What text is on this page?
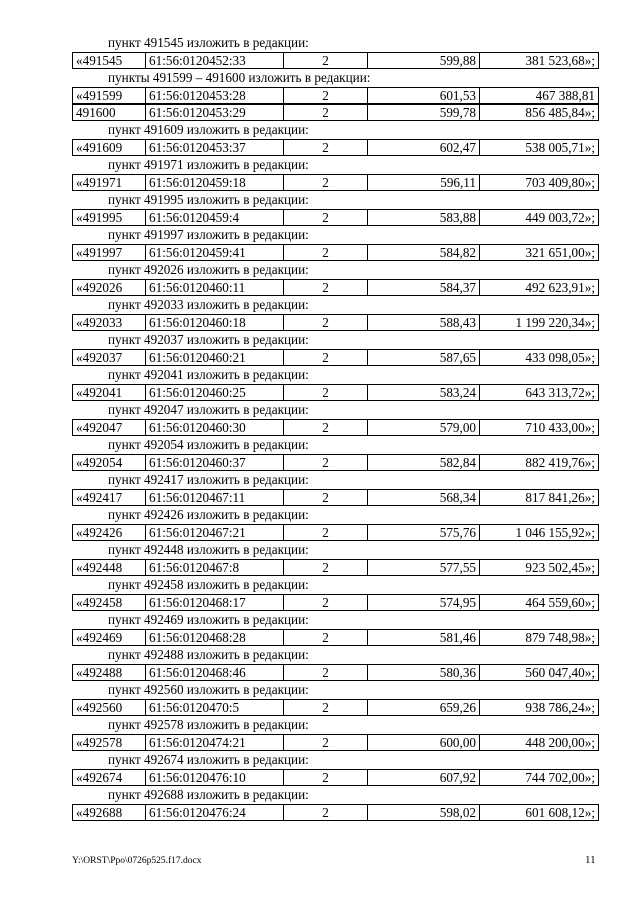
пункт 491545 изложить в редакции:
«491545	61:56:0120452:33	2	599,88	381 523,68»;
пункты 491599 – 491600 изложить в редакции:
«491599	61:56:0120453:28	2	601,53	467 388,81
491600	61:56:0120453:29	2	599,78	856 485,84»;
пункт 491609 изложить в редакции:
«491609	61:56:0120453:37	2	602,47	538 005,71»;
пункт 491971 изложить в редакции:
«491971	61:56:0120459:18	2	596,11	703 409,80»;
пункт 491995 изложить в редакции:
«491995	61:56:0120459:4	2	583,88	449 003,72»;
пункт 491997 изложить в редакции:
«491997	61:56:0120459:41	2	584,82	321 651,00»;
пункт 492026 изложить в редакции:
«492026	61:56:0120460:11	2	584,37	492 623,91»;
пункт 492033 изложить в редакции:
«492033	61:56:0120460:18	2	588,43	1 199 220,34»;
пункт 492037 изложить в редакции:
«492037	61:56:0120460:21	2	587,65	433 098,05»;
пункт 492041 изложить в редакции:
«492041	61:56:0120460:25	2	583,24	643 313,72»;
пункт 492047 изложить в редакции:
«492047	61:56:0120460:30	2	579,00	710 433,00»;
пункт 492054 изложить в редакции:
«492054	61:56:0120460:37	2	582,84	882 419,76»;
пункт 492417 изложить в редакции:
«492417	61:56:0120467:11	2	568,34	817 841,26»;
пункт 492426 изложить в редакции:
«492426	61:56:0120467:21	2	575,76	1 046 155,92»;
пункт 492448 изложить в редакции:
«492448	61:56:0120467:8	2	577,55	923 502,45»;
пункт 492458 изложить в редакции:
«492458	61:56:0120468:17	2	574,95	464 559,60»;
пункт 492469 изложить в редакции:
«492469	61:56:0120468:28	2	581,46	879 748,98»;
пункт 492488 изложить в редакции:
«492488	61:56:0120468:46	2	580,36	560 047,40»;
пункт 492560 изложить в редакции:
«492560	61:56:0120470:5	2	659,26	938 786,24»;
пункт 492578 изложить в редакции:
«492578	61:56:0120474:21	2	600,00	448 200,00»;
пункт 492674 изложить в редакции:
«492674	61:56:0120476:10	2	607,92	744 702,00»;
пункт 492688 изложить в редакции:
«492688	61:56:0120476:24	2	598,02	601 608,12»;
Y:\ORST\Ppo\0726p525.f17.docx	11
